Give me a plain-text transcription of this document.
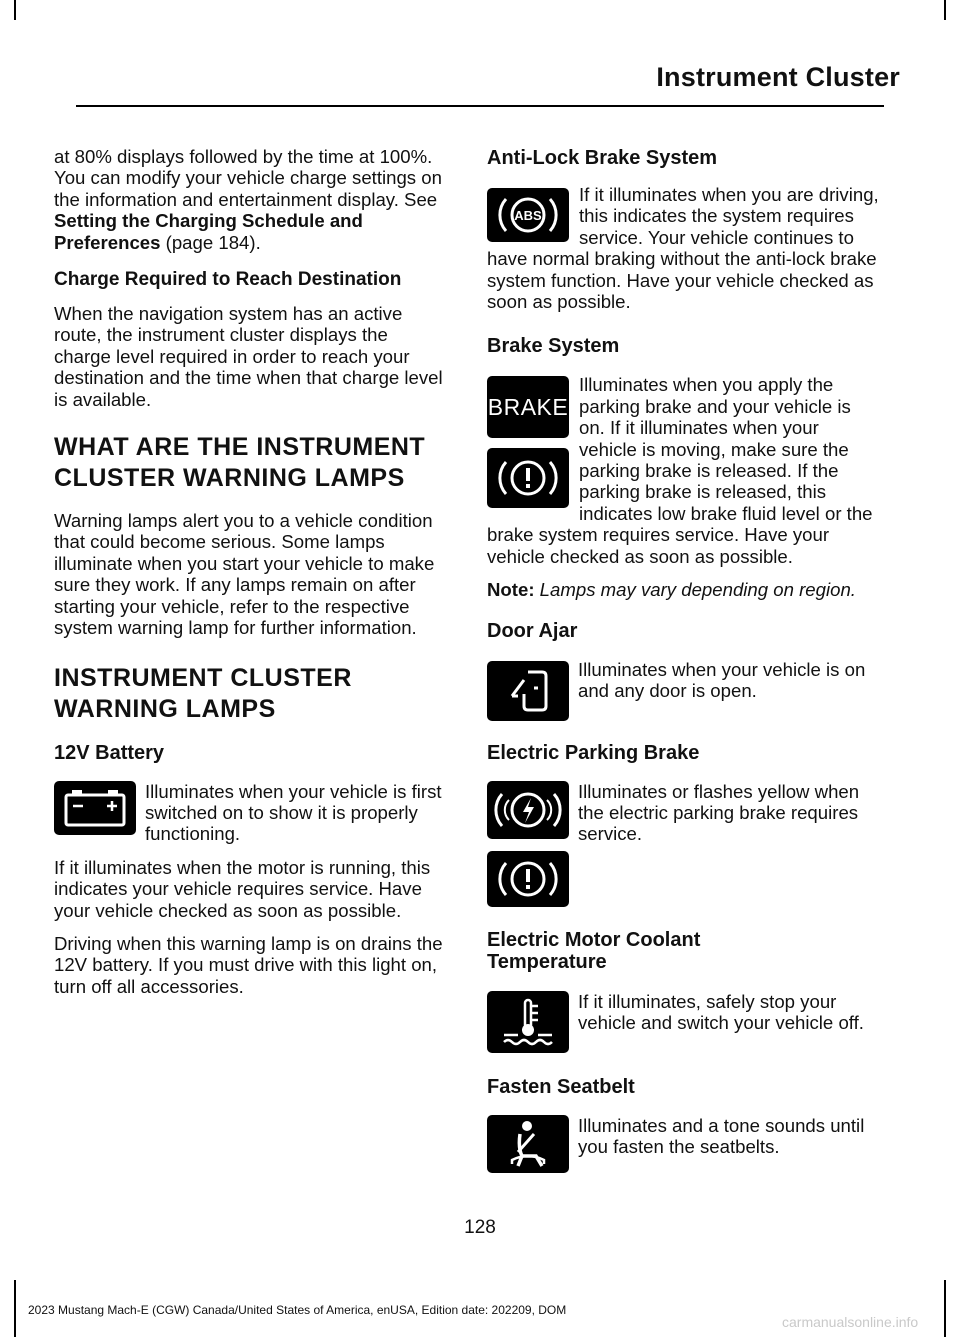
Instrument Cluster

at 80% displays followed by the time at 100%. You can modify your vehicle charge settings on the information and entertainment display. See Setting the Charging Schedule and Preferences (page 184).

Charge Required to Reach Destination

When the navigation system has an active route, the instrument cluster displays the charge level required in order to reach your destination and the time when that charge level is available.

WHAT ARE THE INSTRUMENT
CLUSTER WARNING LAMPS

Warning lamps alert you to a vehicle condition that could become serious. Some lamps illuminate when you start your vehicle to make sure they work. If any lamps remain on after starting your vehicle, refer to the respective system warning lamp for further information.

INSTRUMENT CLUSTER
WARNING LAMPS
12V Battery

Illuminates when your vehicle is first switched on to show it is properly functioning.

If it illuminates when the motor is running, this indicates your vehicle requires service. Have your vehicle checked as soon as possible.

Driving when this warning lamp is on drains the 12V battery. If you must drive with this light on, turn off all accessories.

Anti-Lock Brake System

ABS
If it illuminates when you are driving, this indicates the system requires service. Your vehicle continues to have normal braking without the anti-lock brake system function. Have your vehicle checked as soon as possible.

Brake System

BRAKE
Illuminates when you apply the parking brake and your vehicle is on. If it illuminates when your vehicle is moving, make sure the parking brake is released. If the parking brake is released, this indicates low brake fluid level or the brake system requires service. Have your vehicle checked as soon as possible.

Note: Lamps may vary depending on region.

Door Ajar

Illuminates when your vehicle is on and any door is open.

Electric Parking Brake

Illuminates or flashes yellow when the electric parking brake requires service.

Electric Motor Coolant
Temperature

If it illuminates, safely stop your vehicle and switch your vehicle off.

Fasten Seatbelt

Illuminates and a tone sounds until you fasten the seatbelts.

128
2023 Mustang Mach-E (CGW) Canada/United States of America, enUSA, Edition date: 202209, DOM
carmanualsonline.info
